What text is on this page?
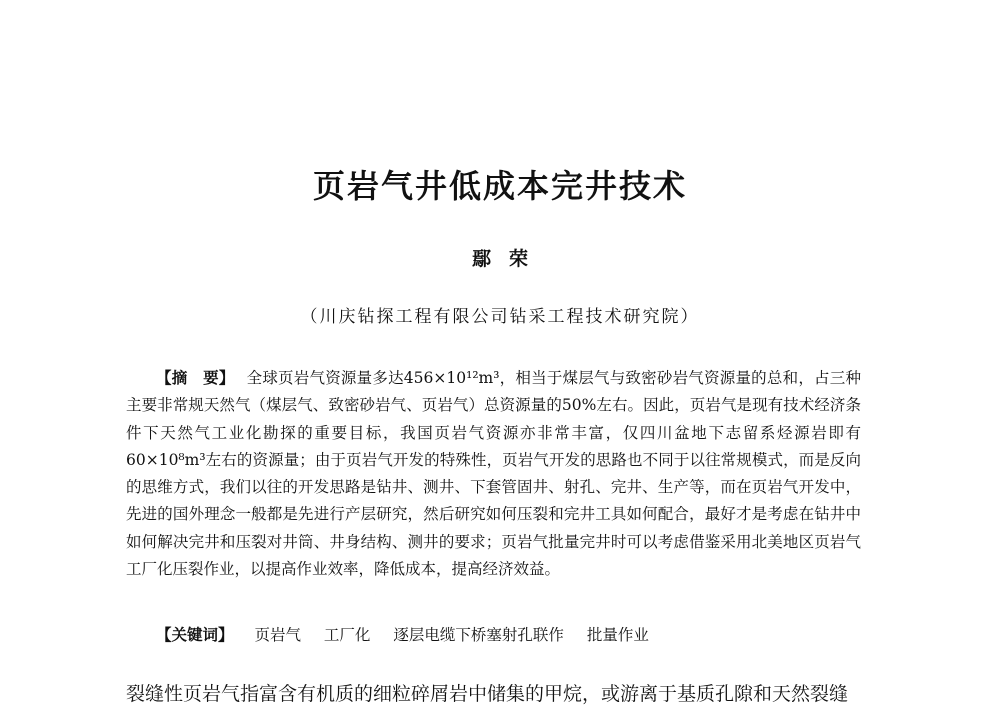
页岩气井低成本完井技术
鄢荣
（川庆钻探工程有限公司钻采工程技术研究院）
【摘　要】 全球页岩气资源量多达456×10¹²m³，相当于煤层气与致密砂岩气资源量的总和，占三种主要非常规天然气（煤层气、致密砂岩气、页岩气）总资源量的50%左右。因此，页岩气是现有技术经济条件下天然气工业化勘探的重要目标，我国页岩气资源亦非常丰富，仅四川盆地下志留系烃源岩即有60×10⁸m³左右的资源量；由于页岩气开发的特殊性，页岩气开发的思路也不同于以往常规模式，而是反向的思维方式，我们以往的开发思路是钻井、测井、下套管固井、射孔、完井、生产等，而在页岩气开发中，先进的国外理念一般都是先进行产层研究，然后研究如何压裂和完井工具如何配合，最好才是考虑在钻井中如何解决完井和压裂对井筒、井身结构、测井的要求；页岩气批量完井时可以考虑借鉴采用北美地区页岩气工厂化压裂作业，以提高作业效率，降低成本，提高经济效益。
【关键词】 页岩气 工厂化 逐层电缆下桥塞射孔联作 批量作业
裂缝性页岩气指富含有机质的细粒碎屑岩中储集的甲烷，或游离于基质孔隙和天然裂缝
